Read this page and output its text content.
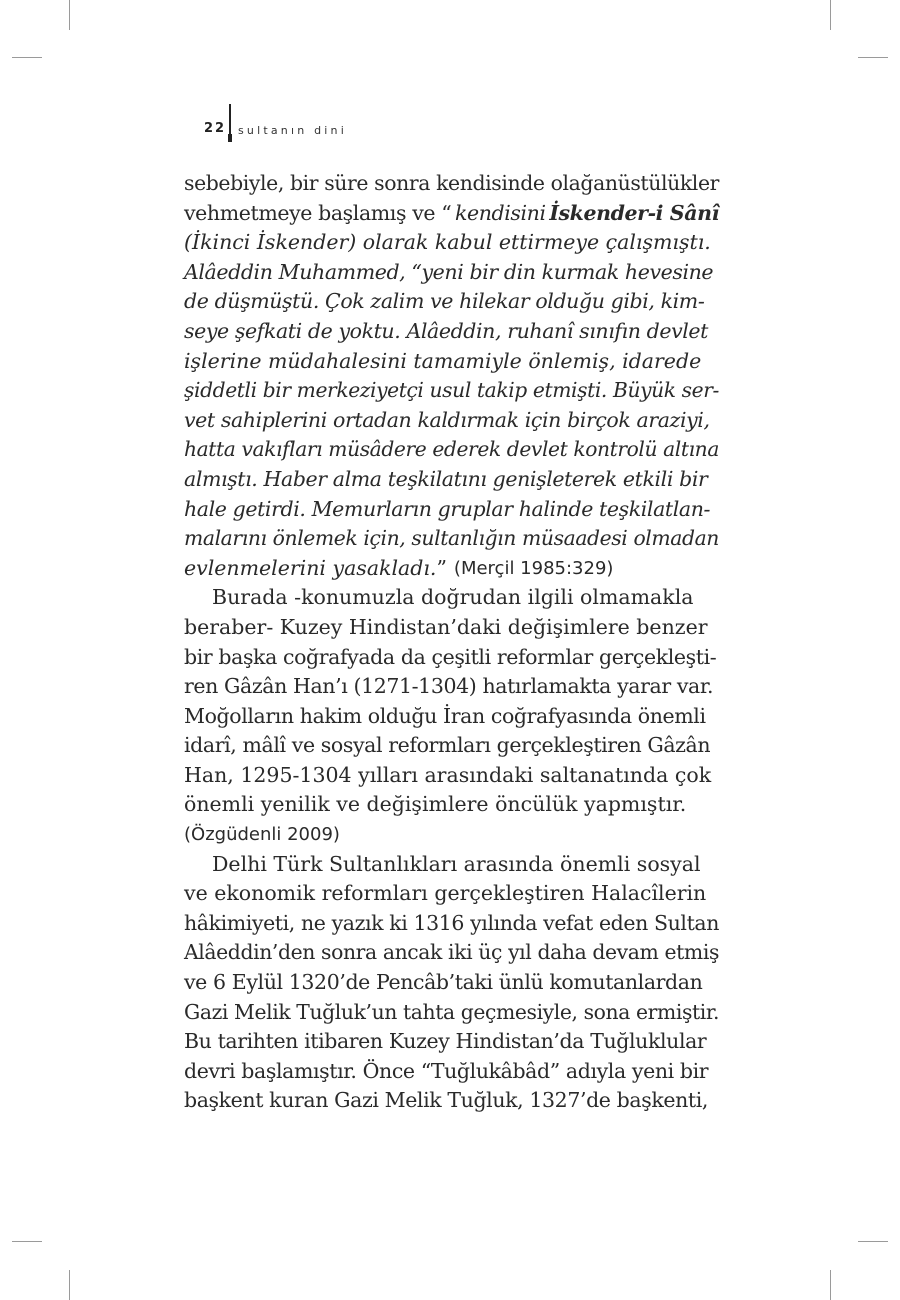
22 sultanın dini
sebebiyle, bir süre sonra kendisinde olağanüstülükler
vehmetmeye başlamış ve “ kendisini İskender-i Sânî
(İkinci İskender) olarak kabul ettirmeye çalışmıştı.
Alâeddin Muhammed, “yeni bir din kurmak hevesine
de düşmüştü. Çok zalim ve hilekar olduğu gibi, kim-
seye şefkati de yoktu. Alâeddin, ruhanî sınıfın devlet
işlerine müdahalesini tamamiyle önlemiş, idarede
şiddetli bir merkeziyetçi usul takip etmişti. Büyük ser-
vet sahiplerini ortadan kaldırmak için birçok araziyi,
hatta vakıfları müsâdere ederek devlet kontrolü altına
almıştı. Haber alma teşkilatını genişleterek etkili bir
hale getirdi. Memurların gruplar halinde teşkilatlan-
malarını önlemek için, sultanlığın müsaadesi olmadan
evlenmelerini yasakladı. ” (Merçil 1985:329)
Burada -konumuzla doğrudan ilgili olmamakla
beraber- Kuzey Hindistan’daki değişimlere benzer
bir başka coğrafyada da çeşitli reformlar gerçekleşti-
ren Gâzân Han’ı (1271-1304) hatırlamakta yarar var.
Moğolların hakim olduğu İran coğrafyasında önemli
idarî, mâlî ve sosyal reformları gerçekleştiren Gâzân
Han, 1295-1304 yılları arasındaki saltanatında çok
önemli yenilik ve değişimlere öncülük yapmıştır.
(Özgüdenli 2009)
Delhi Türk Sultanlıkları arasında önemli sosyal
ve ekonomik reformları gerçekleştiren Halacîlerin
hâkimiyeti, ne yazık ki 1316 yılında vefat eden Sultan
Alâeddin’den sonra ancak iki üç yıl daha devam etmiş
ve 6 Eylül 1320’de Pencâb’taki ünlü komutanlardan
Gazi Melik Tuğluk’un tahta geçmesiyle, sona ermiştir.
Bu tarihten itibaren Kuzey Hindistan’da Tuğluklular
devri başlamıştır. Önce “Tuğlukâbâd” adıyla yeni bir
başkent kuran Gazi Melik Tuğluk, 1327’de başkenti,
